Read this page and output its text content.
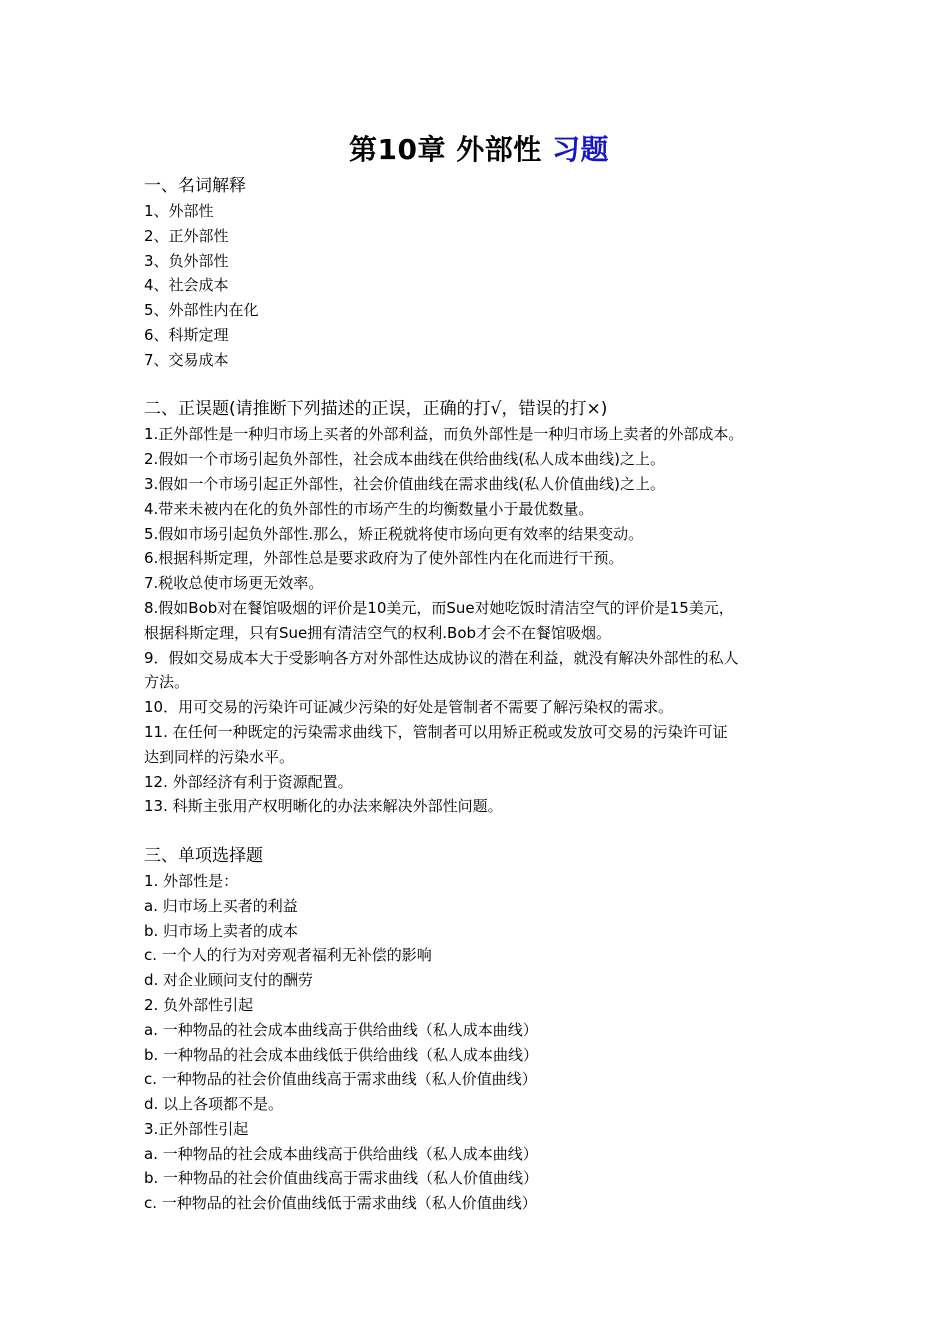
第10章 外部性 习题

一、名词解释

1、外部性

2、正外部性

3、负外部性

4、社会成本

5、外部性内在化

6、科斯定理

7、交易成本

二、正误题(请推断下列描述的正误，正确的打√，错误的打×)

1.正外部性是一种归市场上买者的外部利益，而负外部性是一种归市场上卖者的外部成本。

2.假如一个市场引起负外部性，社会成本曲线在供给曲线(私人成本曲线)之上。

3.假如一个市场引起正外部性，社会价值曲线在需求曲线(私人价值曲线)之上。

4.带来未被内在化的负外部性的市场产生的均衡数量小于最优数量。

5.假如市场引起负外部性.那么，矫正税就将使市场向更有效率的结果变动。

6.根据科斯定理，外部性总是要求政府为了使外部性内在化而进行干预。

7.税收总使市场更无效率。

8.假如Bob对在餐馆吸烟的评价是10美元，而Sue对她吃饭时清洁空气的评价是15美元，

根据科斯定理，只有Sue拥有清洁空气的权利.Bob才会不在餐馆吸烟。

9．假如交易成本大于受影响各方对外部性达成协议的潜在利益，就没有解决外部性的私人

方法。

10．用可交易的污染许可证减少污染的好处是管制者不需要了解污染权的需求。

11. 在任何一种既定的污染需求曲线下，管制者可以用矫正税或发放可交易的污染许可证

达到同样的污染水平。

12. 外部经济有利于资源配置。

13. 科斯主张用产权明晰化的办法来解决外部性问题。

三、单项选择题

1. 外部性是：

a. 归市场上买者的利益

b. 归市场上卖者的成本

c. 一个人的行为对旁观者福利无补偿的影响

d. 对企业顾问支付的酬劳

2. 负外部性引起

a. 一种物品的社会成本曲线高于供给曲线（私人成本曲线）

b. 一种物品的社会成本曲线低于供给曲线（私人成本曲线）

c. 一种物品的社会价值曲线高于需求曲线（私人价值曲线）

d. 以上各项都不是。

3.正外部性引起

a. 一种物品的社会成本曲线高于供给曲线（私人成本曲线）

b. 一种物品的社会价值曲线高于需求曲线（私人价值曲线）

c. 一种物品的社会价值曲线低于需求曲线（私人价值曲线）
